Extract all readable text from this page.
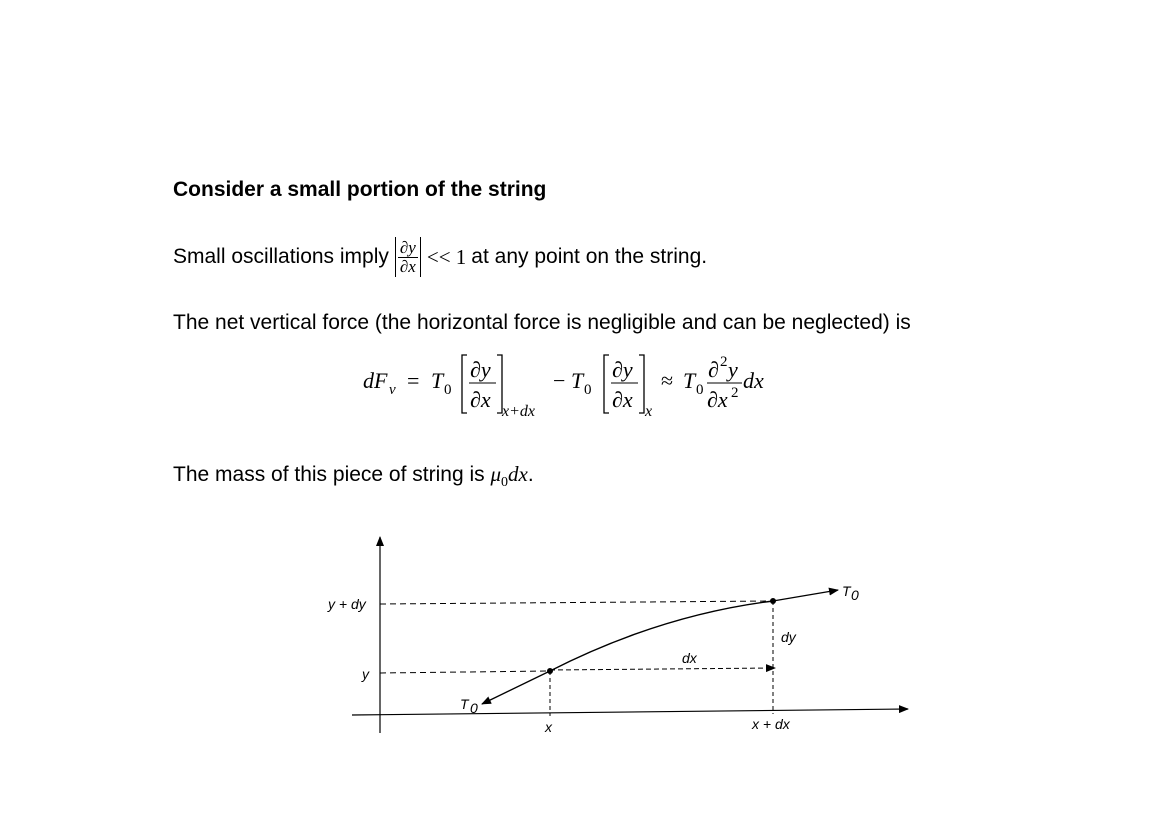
Consider a small portion of the string
Small oscillations imply $\frac{\partial y}{\partial x} << 1$ at any point on the string.
The net vertical force (the horizontal force is negligible and can be neglected) is
dF v = T 0
∂y
∂x x+dx
− T 0
∂y
∂x x
≈ T 0
∂ 2 y
∂x 2 dx
The mass of this piece of string is $\mu_0dx$.
y + dy
y
x	x + dx
dx
dy
T 0
T 0
